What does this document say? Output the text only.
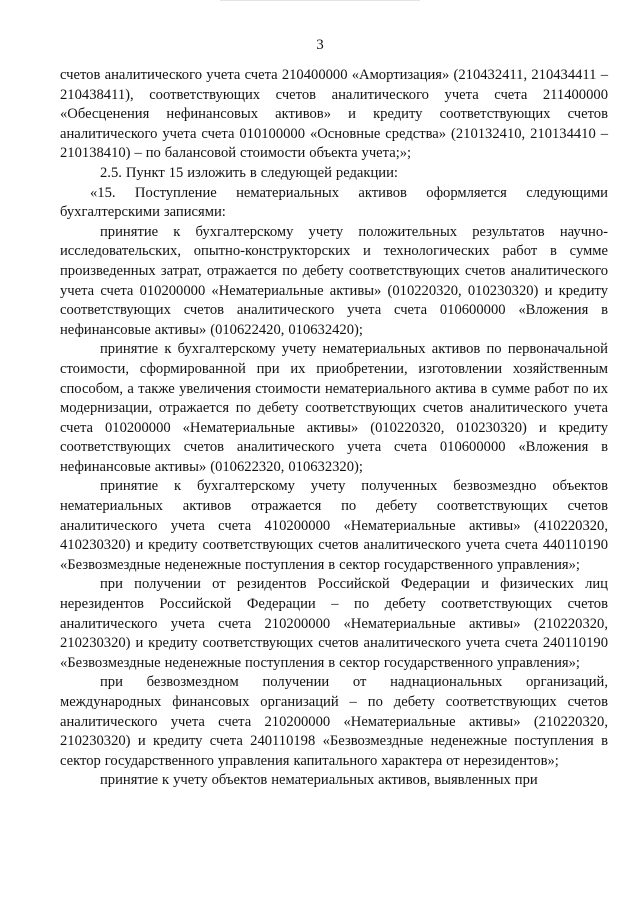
3

счетов аналитического учета счета 210400000 «Амортизация» (210432411, 210434411 – 210438411), соответствующих счетов аналитического учета счета 211400000 «Обесценения нефинансовых активов» и кредиту соответствующих счетов аналитического учета счета 010100000 «Основные средства» (210132410, 210134410 – 210138410) – по балансовой стоимости объекта учета;»;

2.5. Пункт 15 изложить в следующей редакции:

«15. Поступление нематериальных активов оформляется следующими бухгалтерскими записями:

принятие к бухгалтерскому учету положительных результатов научно-исследовательских, опытно-конструкторских и технологических работ в сумме произведенных затрат, отражается по дебету соответствующих счетов аналитического учета счета 010200000 «Нематериальные активы» (010220320, 010230320) и кредиту соответствующих счетов аналитического учета счета 010600000 «Вложения в нефинансовые активы» (010622420, 010632420);

принятие к бухгалтерскому учету нематериальных активов по первоначальной стоимости, сформированной при их приобретении, изготовлении хозяйственным способом, а также увеличения стоимости нематериального актива в сумме работ по их модернизации, отражается по дебету соответствующих счетов аналитического учета счета 010200000 «Нематериальные активы» (010220320, 010230320) и кредиту соответствующих счетов аналитического учета счета 010600000 «Вложения в нефинансовые активы» (010622320, 010632320);

принятие к бухгалтерскому учету полученных безвозмездно объектов нематериальных активов отражается по дебету соответствующих счетов аналитического учета счета 410200000 «Нематериальные активы» (410220320, 410230320) и кредиту соответствующих счетов аналитического учета счета 440110190 «Безвозмездные неденежные поступления в сектор государственного управления»;

при получении от резидентов Российской Федерации и физических лиц нерезидентов Российской Федерации – по дебету соответствующих счетов аналитического учета счета 210200000 «Нематериальные активы» (210220320, 210230320) и кредиту соответствующих счетов аналитического учета счета 240110190 «Безвозмездные неденежные поступления в сектор государственного управления»;

при безвозмездном получении от наднациональных организаций, международных финансовых организаций – по дебету соответствующих счетов аналитического учета счета 210200000 «Нематериальные активы» (210220320, 210230320) и кредиту счета 240110198 «Безвозмездные неденежные поступления в сектор государственного управления капитального характера от нерезидентов»;

принятие к учету объектов нематериальных активов, выявленных при
